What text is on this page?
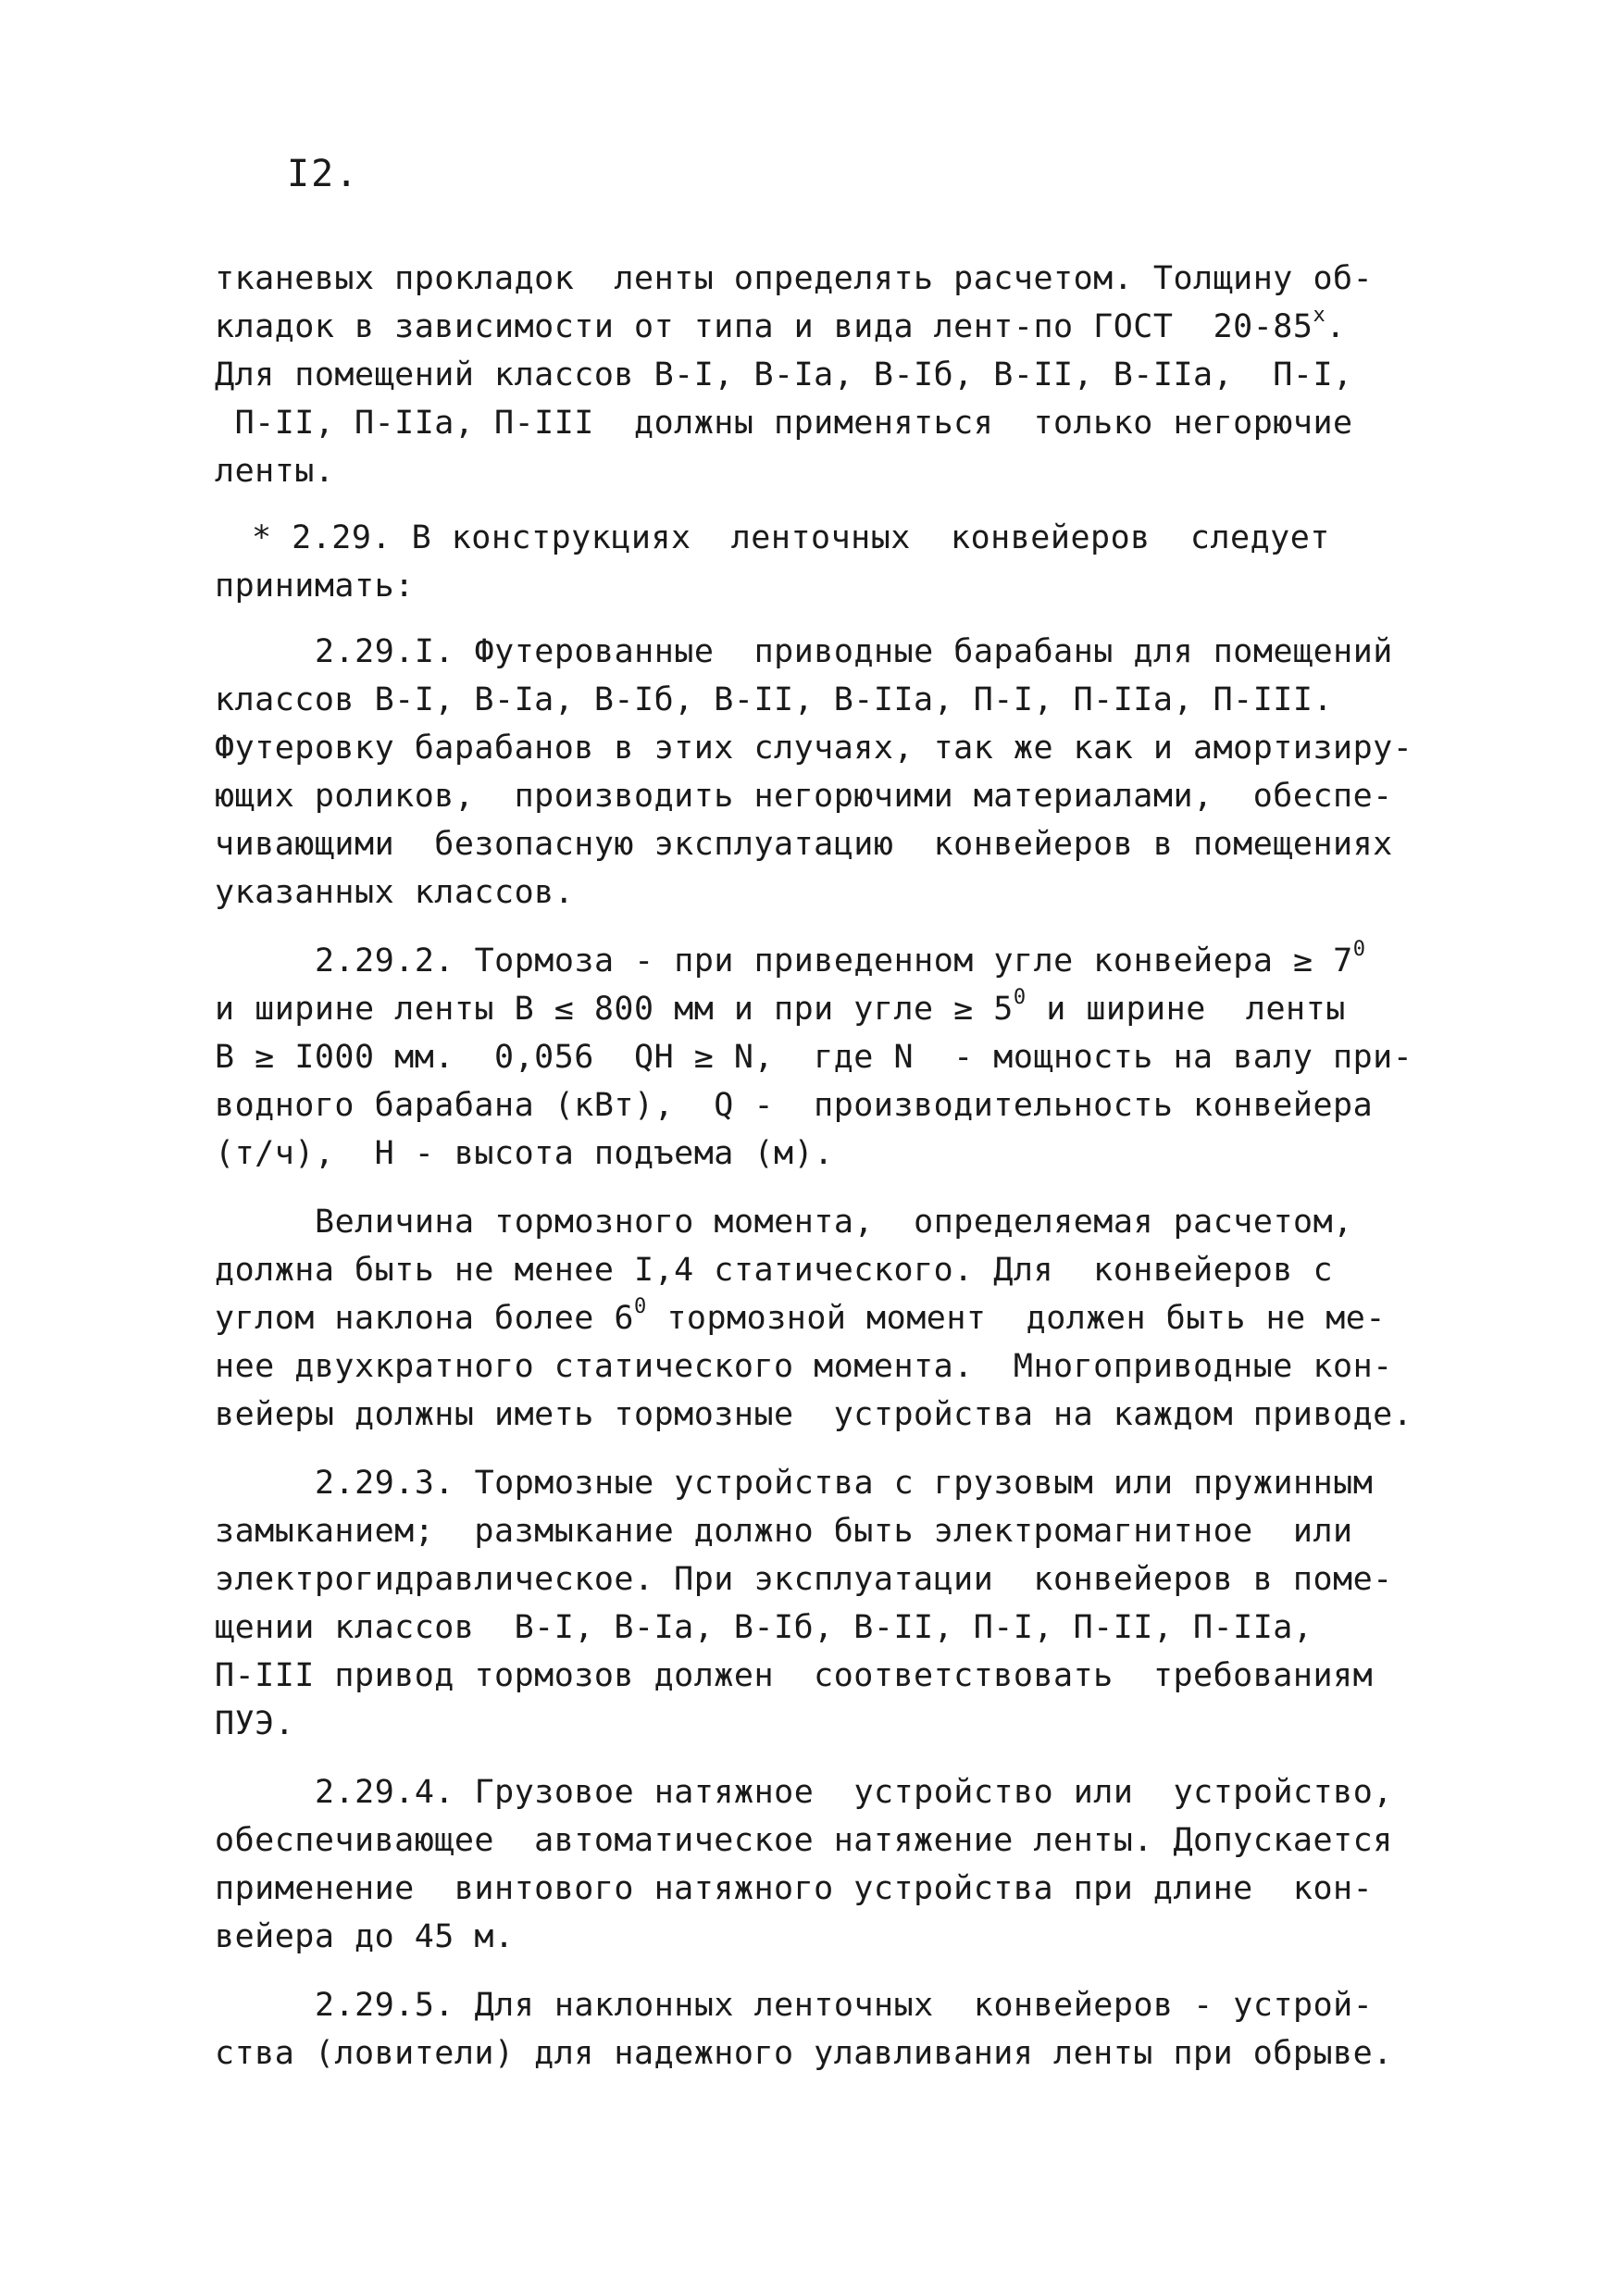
I2.
тканевых прокладок  ленты определять расчетом. Толщину об-
кладок в зависимости от типа и вида лент-по ГОСТ  $20-85^х$.
Для помещений классов В-I, В-Iа, В-Iб, В-II, В-IIа,  П-I,
П-II, П-IIа, П-III  должны применяться  только негорючие
ленты.
* 2.29. В конструкциях  ленточных  конвейеров  следует
принимать:
2.29.I. Футерованные  приводные барабаны для помещений
классов В-I, В-Iа, В-Iб, В-II, В-IIа, П-I, П-IIа, П-III.
Футеровку барабанов в этих случаях, так же как и амортизиру-
ющих роликов,  производить негорючими материалами,  обеспе-
чивающими  безопасную эксплуатацию  конвейеров в помещениях
указанных классов.
2.29.2. Тормоза - при приведенном угле конвейера ≥ $7^0$
и ширине ленты В ≤ 800 мм и при угле ≥ $5^0$ и ширине  ленты
В ≥ I000 мм.  0,056  QН ≥ N,  где N  - мощность на валу при-
водного барабана (кВт),  Q -  производительность конвейера
(т/ч),  Н - высота подъема (м).
Величина тормозного момента,  определяемая расчетом,
должна быть не менее I,4 статического. Для  конвейеров с
углом наклона более $6^0$ тормозной момент  должен быть не ме-
нее двухкратного статического момента.  Многоприводные кон-
вейеры должны иметь тормозные  устройства на каждом приводе.
2.29.3. Тормозные устройства с грузовым или пружинным
замыканием;  размыкание должно быть электромагнитное  или
электрогидравлическое. При эксплуатации  конвейеров в поме-
щении классов  В-I, В-Iа, В-Iб, В-II, П-I, П-II, П-IIа,
П-III привод тормозов должен  соответствовать  требованиям
ПУЭ.
2.29.4. Грузовое натяжное  устройство или  устройство,
обеспечивающее  автоматическое натяжение ленты. Допускается
применение  винтового натяжного устройства при длине  кон-
вейера до 45 м.
2.29.5. Для наклонных ленточных  конвейеров - устрой-
ства (ловители) для надежного улавливания ленты при обрыве.
